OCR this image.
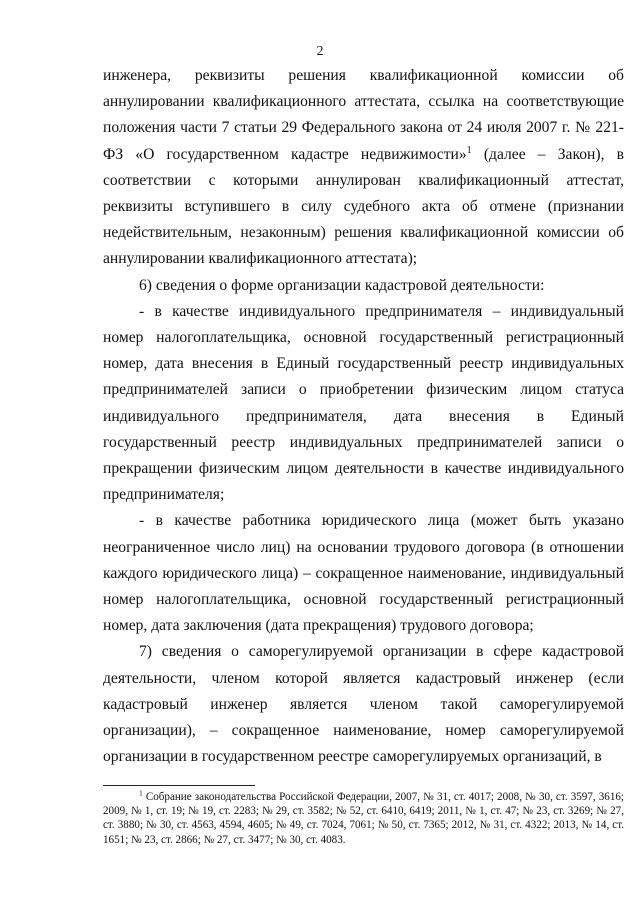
2

инженера, реквизиты решения квалификационной комиссии об аннулировании квалификационного аттестата, ссылка на соответствующие положения части 7 статьи 29 Федерального закона от 24 июля 2007 г. № 221-ФЗ «О государственном кадастре недвижимости»$^1$ (далее – Закон), в соответствии с которыми аннулирован квалификационный аттестат, реквизиты вступившего в силу судебного акта об отмене (признании недействительным, незаконным) решения квалификационной комиссии об аннулировании квалификационного аттестата);

6) сведения о форме организации кадастровой деятельности:

- в качестве индивидуального предпринимателя – индивидуальный номер налогоплательщика, основной государственный регистрационный номер, дата внесения в Единый государственный реестр индивидуальных предпринимателей записи о приобретении физическим лицом статуса индивидуального предпринимателя, дата внесения в Единый государственный реестр индивидуальных предпринимателей записи о прекращении физическим лицом деятельности в качестве индивидуального предпринимателя;

- в качестве работника юридического лица (может быть указано неограниченное число лиц) на основании трудового договора (в отношении каждого юридического лица) – сокращенное наименование, индивидуальный номер налогоплательщика, основной государственный регистрационный номер, дата заключения (дата прекращения) трудового договора;

7) сведения о саморегулируемой организации в сфере кадастровой деятельности, членом которой является кадастровый инженер (если кадастровый инженер является членом такой саморегулируемой организации), – сокращенное наименование, номер саморегулируемой организации в государственном реестре саморегулируемых организаций, в

$^1$ Собрание законодательства Российской Федерации, 2007, № 31, ст. 4017; 2008, № 30, ст. 3597, 3616; 2009, № 1, ст. 19; № 19, ст. 2283; № 29, ст. 3582; № 52, ст. 6410, 6419; 2011, № 1, ст. 47; № 23, ст. 3269; № 27, ст. 3880; № 30, ст. 4563, 4594, 4605; № 49, ст. 7024, 7061; № 50, ст. 7365; 2012, № 31, ст. 4322; 2013, № 14, ст. 1651; № 23, ст. 2866; № 27, ст. 3477; № 30, ст. 4083.
